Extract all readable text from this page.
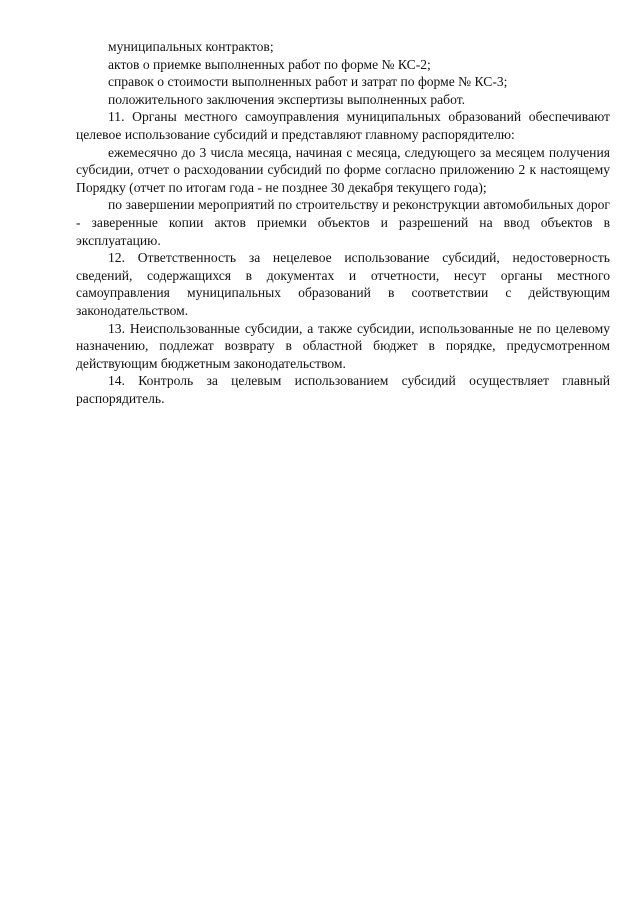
муниципальных контрактов;

актов о приемке выполненных работ по форме № КС-2;

справок о стоимости выполненных работ и затрат по форме № КС-3;

положительного заключения экспертизы выполненных работ.

11. Органы местного самоуправления муниципальных образований обеспечивают целевое использование субсидий и представляют главному распорядителю:

ежемесячно до 3 числа месяца, начиная с месяца, следующего за месяцем получения субсидии, отчет о расходовании субсидий по форме согласно приложению 2 к настоящему Порядку (отчет по итогам года - не позднее 30 декабря текущего года);

по завершении мероприятий по строительству и реконструкции автомобильных дорог - заверенные копии актов приемки объектов и разрешений на ввод объектов в эксплуатацию.

12. Ответственность за нецелевое использование субсидий, недостоверность сведений, содержащихся в документах и отчетности, несут органы местного самоуправления муниципальных образований в соответствии с действующим законодательством.

13. Неиспользованные субсидии, а также субсидии, использованные не по целевому назначению, подлежат возврату в областной бюджет в порядке, предусмотренном действующим бюджетным законодательством.

14. Контроль за целевым использованием субсидий осуществляет главный распорядитель.
